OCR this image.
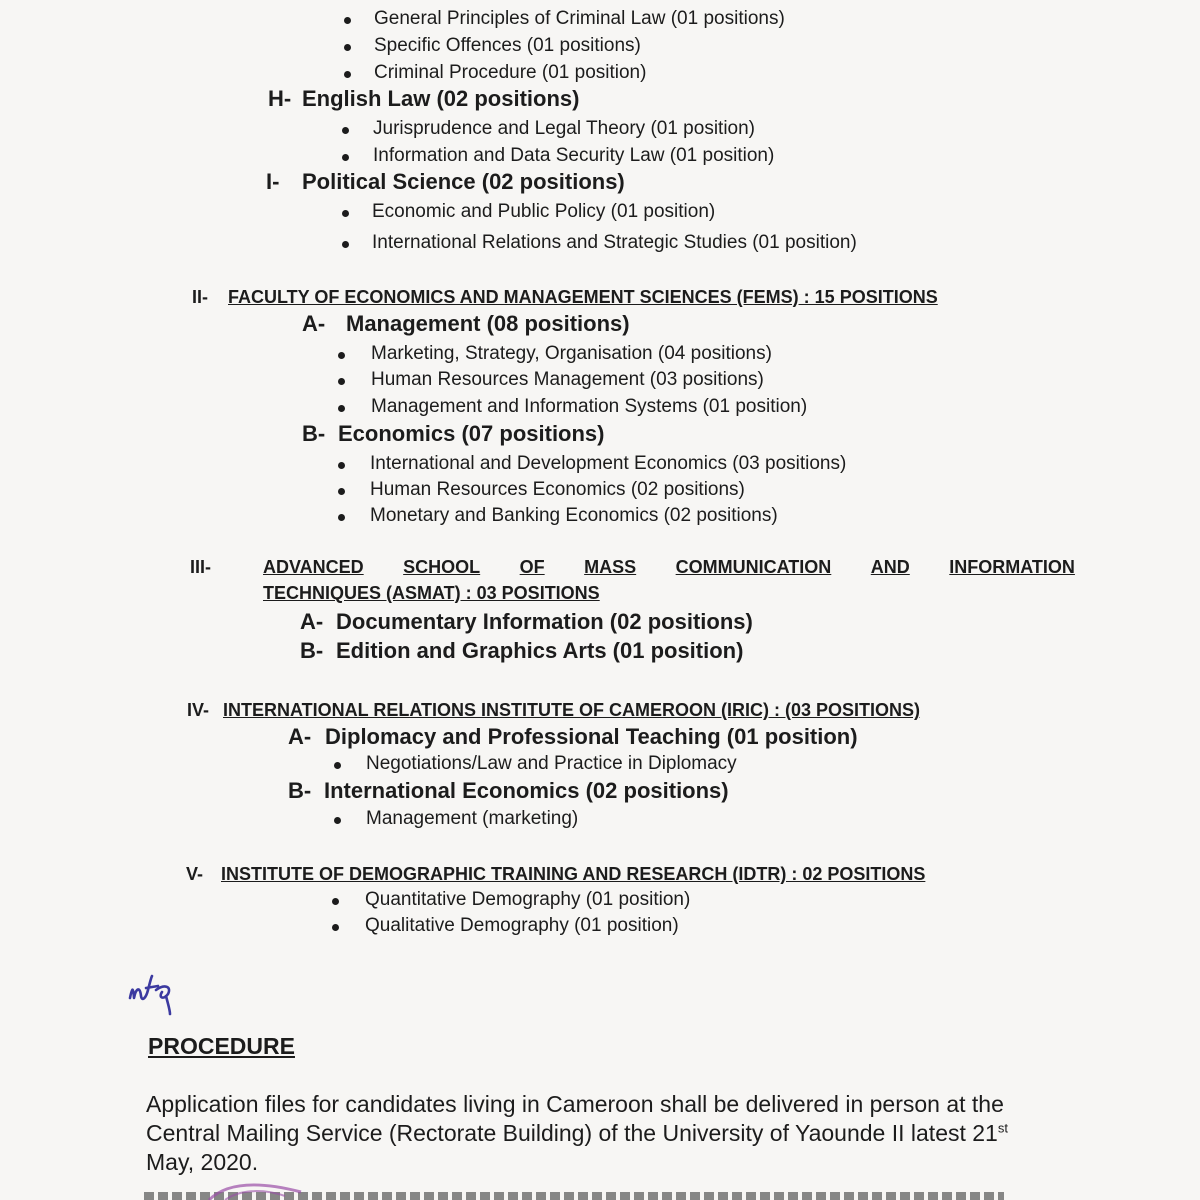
General Principles of Criminal Law (01 positions)
Specific Offences (01 positions)
Criminal Procedure (01 position)
H- English Law (02 positions)
Jurisprudence and Legal Theory (01 position)
Information and Data Security Law (01 position)
I- Political Science (02 positions)
Economic and Public Policy (01 position)
International Relations and Strategic Studies (01 position)
II- FACULTY OF ECONOMICS AND MANAGEMENT SCIENCES (FEMS) : 15 POSITIONS
A- Management (08 positions)
Marketing, Strategy, Organisation (04 positions)
Human Resources Management (03 positions)
Management and Information Systems (01 position)
B- Economics (07 positions)
International and Development Economics (03 positions)
Human Resources Economics (02 positions)
Monetary and Banking Economics (02 positions)
III-	ADVANCED SCHOOL OF MASS COMMUNICATION AND INFORMATION
TECHNIQUES (ASMAT) : 03 POSITIONS
A- Documentary Information (02 positions)
B- Edition and Graphics Arts (01 position)
IV- INTERNATIONAL RELATIONS INSTITUTE OF CAMEROON (IRIC) : (03 POSITIONS)
A- Diplomacy and Professional Teaching (01 position)
Negotiations/Law and Practice in Diplomacy
B- International Economics (02 positions)
Management (marketing)
V- INSTITUTE OF DEMOGRAPHIC TRAINING AND RESEARCH (IDTR) : 02 POSITIONS
Quantitative Demography (01 position)
Qualitative Demography (01 position)
PROCEDURE
Application files for candidates living in Cameroon shall be delivered in person at the
Central Mailing Service (Rectorate Building) of the University of Yaounde II latest 21st
May, 2020.
